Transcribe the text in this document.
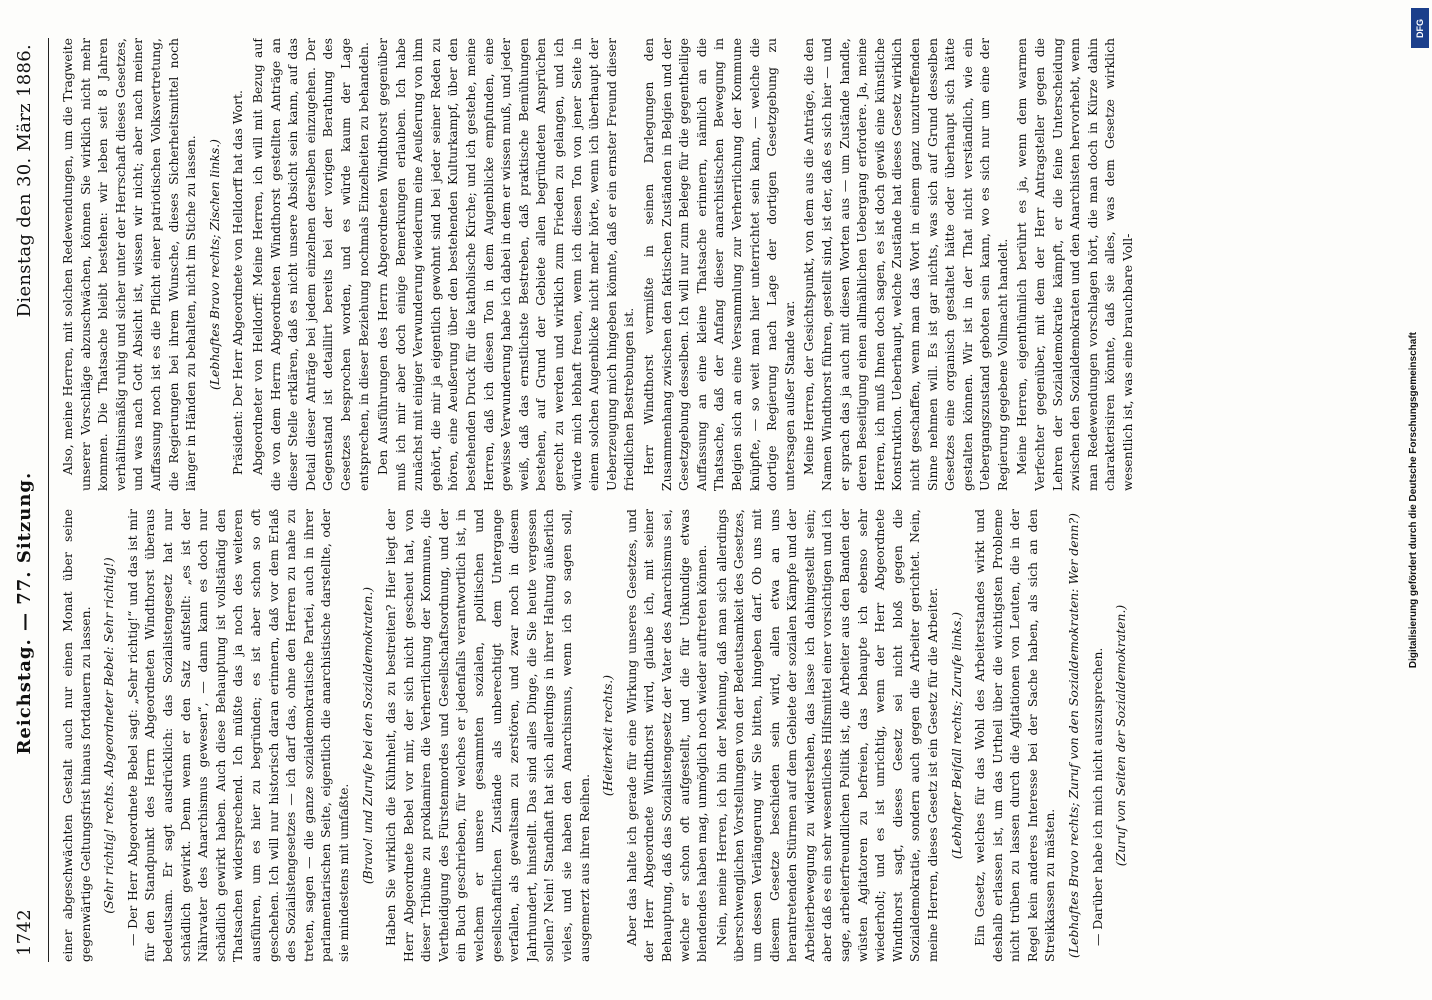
1742
Reichstag. — 77. Sitzung.
Dienstag den 30. März 1886.

einer abgeschwächten Gestalt auch nur einen Monat über seine gegenwärtige Geltungsfrist hinaus fortdauern zu lassen. (Sehr richtig! rechts. Abgeordneter Bebel: Sehr richtig!) — Der Herr Abgeordnete Bebel sagt: „Sehr richtig!“ und das ist mir für den Standpunkt des Herrn Abgeordneten Windthorst überaus bedeutsam. Er sagt ausdrücklich: das Sozialistengesetz hat nur schädlich gewirkt. Denn wenn er den Satz aufstellt: „es ist der Nährvater des Anarchismus gewesen“, — dann kann es doch nur schädlich gewirkt haben. Auch diese Behauptung ist vollständig den Thatsachen widersprechend. Ich müßte das ja noch des weiteren ausführen, um es hier zu begründen; es ist aber schon so oft geschehen. Ich will nur historisch daran erinnern, daß vor dem Erlaß des Sozialistengesetzes — ich darf das, ohne den Herren zu nahe zu treten, sagen — die ganze sozialdemokratische Partei, auch in ihrer parlamentarischen Seite, eigentlich die anarchistische darstellte, oder sie mindestens mit umfaßte. (Bravo! und Zurufe bei den Sozialdemokraten.) Haben Sie wirklich die Kühnheit, das zu bestreiten? Hier liegt der Herr Abgeordnete Bebel vor mir, der sich nicht gescheut hat, von dieser Tribüne zu proklamiren die Verherrlichung der Kommune, die Vertheidigung des Fürstenmordes und Gesellschaftsordnung, und der ein Buch geschrieben, für welches er jedenfalls verantwortlich ist, in welchem er unsere gesammten sozialen, politischen und gesellschaftlichen Zustände als unberechtigt dem Untergange verfallen, als gewaltsam zu zerstören, und zwar noch in diesem Jahrhundert, hinstellt. Das sind alles Dinge, die Sie heute vergessen sollen? Nein! Standhaft hat sich allerdings in ihrer Haltung äußerlich vieles, und sie haben den Anarchismus, wenn ich so sagen soll, ausgemerzt aus ihren Reihen.

(Heiterkeit rechts.) Aber das halte ich gerade für eine Wirkung unseres Gesetzes, und der Herr Abgeordnete Windthorst wird, glaube ich, mit seiner Behauptung, daß das Sozialistengesetz der Vater des Anarchismus sei, welche er schon oft aufgestellt, und die für Unkundige etwas blendendes haben mag, unmöglich noch wieder auftreten können. Nein, meine Herren, ich bin der Meinung, daß man sich allerdings überschwenglichen Vorstellungen von der Bedeutsamkeit des Gesetzes, um dessen Verlängerung wir Sie bitten, hingeben darf. Ob uns mit diesem Gesetze beschieden sein wird, allen etwa an uns herantretenden Stürmen auf dem Gebiete der sozialen Kämpfe und der Arbeiterbewegung zu widerstehen, das lasse ich dahingestellt sein; aber daß es ein sehr wesentliches Hilfsmittel einer vorsichtigen und ich sage, arbeiterfreundlichen Politik ist, die Arbeiter aus den Banden der wüsten Agitatoren zu befreien, das behaupte ich ebenso sehr wiederholt; und es ist unrichtig, wenn der Herr Abgeordnete Windthorst sagt, dieses Gesetz sei nicht bloß gegen die Sozialdemokratie, sondern auch gegen die Arbeiter gerichtet. Nein, meine Herren, dieses Gesetz ist ein Gesetz für die Arbeiter. (Lebhafter Beifall rechts; Zurufe links.) Ein Gesetz, welches für das Wohl des Arbeiterstandes wirkt und deshalb erlassen ist, um das Urtheil über die wichtigsten Probleme nicht trüben zu lassen durch die Agitationen von Leuten, die in der Regel kein anderes Interesse bei der Sache haben, als sich an den Streikkassen zu mästen. (Lebhaftes Bravo rechts; Zuruf von den Sozialdemokraten: Wer denn?) — Darüber habe ich mich nicht auszusprechen. (Zuruf von Seiten der Sozialdemokraten.)

Also, meine Herren, mit solchen Redewendungen, um die Tragweite unserer Vorschläge abzuschwächen, können Sie wirklich nicht mehr kommen. Die Thatsache bleibt bestehen: wir leben seit 8 Jahren verhältnismäßig ruhig und sicher unter der Herrschaft dieses Gesetzes, und was nach Gott Absicht ist, wissen wir nicht; aber nach meiner Auffassung noch ist es die Pflicht einer patriotischen Volksvertretung, die Regierungen bei ihrem Wunsche, dieses Sicherheitsmittel noch länger in Händen zu behalten, nicht im Stiche zu lassen. (Lebhaftes Bravo rechts; Zischen links.) Präsident: Der Herr Abgeordnete von Helldorff hat das Wort. Abgeordneter von Helldorff: Meine Herren, ich will mit Bezug auf die von dem Herrn Abgeordneten Windthorst gestellten Anträge an dieser Stelle erklären, daß es nicht unsere Absicht sein kann, auf das Detail dieser Anträge bei jedem einzelnen derselben einzugehen. Der Gegenstand ist detaillirt bereits bei der vorigen Berathung des Gesetzes besprochen worden, und es würde kaum der Lage entsprechen, in dieser Beziehung nochmals Einzelheiten zu behandeln. Den Ausführungen des Herrn Abgeordneten Windthorst gegenüber muß ich mir aber doch einige Bemerkungen erlauben. Ich habe zunächst mit einiger Verwunderung wiederum eine Aeußerung von ihm gehört, die mir ja eigentlich gewohnt sind bei jeder seiner Reden zu hören, eine Aeußerung über den bestehenden Kulturkampf, über den bestehenden Druck für die katholische Kirche; und ich gestehe, meine Herren, daß ich diesen Ton in dem Augenblicke empfunden, eine gewisse Verwunderung habe ich dabei in dem er wissen muß, und jeder weiß, daß das ernstlichste Bestreben, daß praktische Bemühungen bestehen, auf Grund der Gebiete allen begründeten Ansprüchen gerecht zu werden und wirklich zum Frieden zu gelangen, und ich würde mich lebhaft freuen, wenn ich diesen Ton von jener Seite in einem solchen Augenblicke nicht mehr hörte, wenn ich überhaupt der Ueberzeugung mich hingeben könnte, daß er ein ernster Freund dieser friedlichen Bestrebungen ist. Herr Windthorst vermißte in seinen Darlegungen den Zusammenhang zwischen den faktischen Zuständen in Belgien und der Gesetzgebung desselben. Ich will nur zum Belege für die gegentheilige Auffassung an eine kleine Thatsache erinnern, nämlich an die Thatsache, daß der Anfang dieser anarchistischen Bewegung in Belgien sich an eine Versammlung zur Verherrlichung der Kommune knüpfte, — so weit man hier unterrichtet sein kann, — welche die dortige Regierung nach Lage der dortigen Gesetzgebung zu untersagen außer Stande war. Meine Herren, der Gesichtspunkt, von dem aus die Anträge, die den Namen Windthorst führen, gestellt sind, ist der, daß es sich hier — und er sprach das ja auch mit diesen Worten aus — um Zustände handle, deren Beseitigung einen allmählichen Uebergang erfordere. Ja, meine Herren, ich muß Ihnen doch sagen, es ist doch gewiß eine künstliche Konstruktion. Ueberhaupt, welche Zustände hat dieses Gesetz wirklich nicht geschaffen, wenn man das Wort in einem ganz unzutreffenden Sinne nehmen will. Es ist gar nichts, was sich auf Grund desselben Gesetzes eine organisch gestaltet hätte oder überhaupt sich hätte gestalten können. Wir ist in der That nicht verständlich, wie ein Uebergangszustand geboten sein kann, wo es sich nur um eine der Regierung gegebene Vollmacht handelt. Meine Herren, eigenthümlich berührt es ja, wenn dem warmen Verfechter gegenüber, mit dem der Herr Antragsteller gegen die Lehren der Sozialdemokratie kämpft, er die feine Unterscheidung zwischen den Sozialdemokraten und den Anarchisten hervorhebt, wenn man Redewendungen vorschlagen hört, die man doch in Kürze dahin charakterisiren könnte, daß sie alles, was dem Gesetze wirklich wesentlich ist, was eine brauchbare Voll-	Digitalisierung gefördert durch die Deutsche Forschungsgemeinschaft
DFG
